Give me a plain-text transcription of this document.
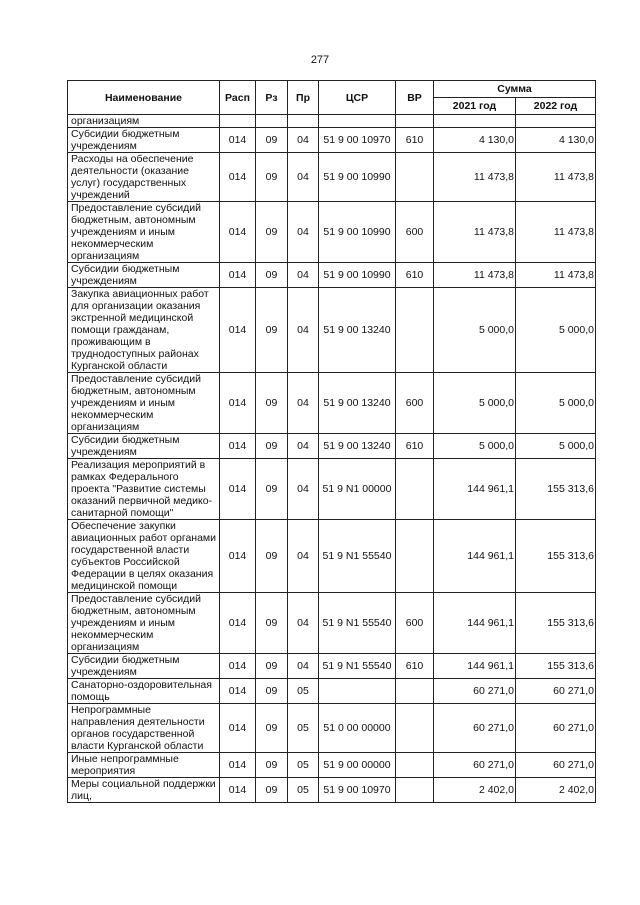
277
Наименование	Расп	Рз	Пр	ЦСР	ВР	Сумма	
						2021 год	2022 год
организациям							
Субсидии бюджетным учреждениям	014	09	04	51 9 00 10970	610	4 130,0	4 130,0
Расходы на обеспечение деятельности (оказание услуг) государственных учреждений	014	09	04	51 9 00 10990		11 473,8	11 473,8
Предоставление субсидий бюджетным, автономным учреждениям и иным некоммерческим организациям	014	09	04	51 9 00 10990	600	11 473,8	11 473,8
Субсидии бюджетным учреждениям	014	09	04	51 9 00 10990	610	11 473,8	11 473,8
Закупка авиационных работ для организации оказания экстренной медицинской помощи гражданам, проживающим в труднодоступных районах Курганской области	014	09	04	51 9 00 13240		5 000,0	5 000,0
Предоставление субсидий бюджетным, автономным учреждениям и иным некоммерческим организациям	014	09	04	51 9 00 13240	600	5 000,0	5 000,0
Субсидии бюджетным учреждениям	014	09	04	51 9 00 13240	610	5 000,0	5 000,0
Реализация мероприятий в рамках Федерального проекта "Развитие системы оказаний первичной медико-санитарной помощи"	014	09	04	51 9 N1 00000		144 961,1	155 313,6
Обеспечение закупки авиационных работ органами государственной власти субъектов Российской Федерации в целях оказания медицинской помощи	014	09	04	51 9 N1 55540		144 961,1	155 313,6
Предоставление субсидий бюджетным, автономным учреждениям и иным некоммерческим организациям	014	09	04	51 9 N1 55540	600	144 961,1	155 313,6
Субсидии бюджетным учреждениям	014	09	04	51 9 N1 55540	610	144 961,1	155 313,6
Санаторно-оздоровительная помощь	014	09	05			60 271,0	60 271,0
Непрограммные направления деятельности органов государственной власти Курганской области	014	09	05	51 0 00 00000		60 271,0	60 271,0
Иные непрограммные мероприятия	014	09	05	51 9 00 00000		60 271,0	60 271,0
Меры социальной поддержки лиц,	014	09	05	51 9 00 10970		2 402,0	2 402,0
